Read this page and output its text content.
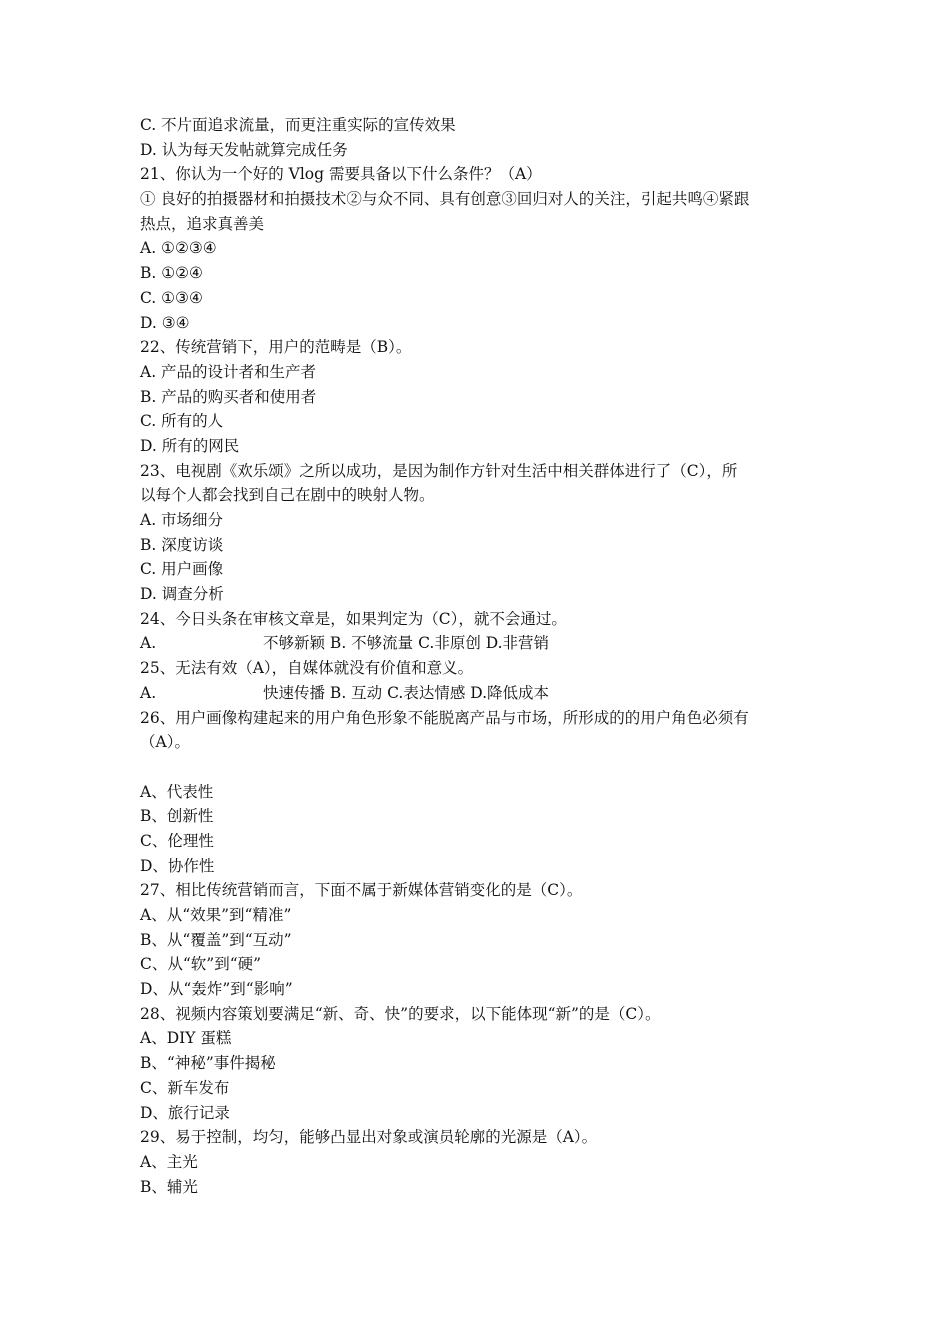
C. 不片面追求流量，而更注重实际的宣传效果
D. 认为每天发帖就算完成任务
21、你认为一个好的 Vlog 需要具备以下什么条件？（A）
① 良好的拍摄器材和拍摄技术②与众不同、具有创意③回归对人的关注，引起共鸣④紧跟
热点，追求真善美
A. ①②③④
B. ①②④
C. ①③④
D. ③④
22、传统营销下，用户的范畴是（B）。
A. 产品的设计者和生产者
B. 产品的购买者和使用者
C. 所有的人
D. 所有的网民
23、电视剧《欢乐颂》之所以成功，是因为制作方针对生活中相关群体进行了（C），所
以每个人都会找到自己在剧中的映射人物。
A. 市场细分
B. 深度访谈
C. 用户画像
D. 调查分析
24、今日头条在审核文章是，如果判定为（C），就不会通过。
A.	不够新颖 B. 不够流量 C.非原创 D.非营销
25、无法有效（A），自媒体就没有价值和意义。
A.	快速传播 B. 互动 C.表达情感 D.降低成本
26、用户画像构建起来的用户角色形象不能脱离产品与市场，所形成的的用户角色必须有
（A）。
A、代表性
B、创新性
C、伦理性
D、协作性
27、相比传统营销而言，下面不属于新媒体营销变化的是（C）。
A、从“效果”到“精准”
B、从“覆盖”到“互动”
C、从“软”到“硬”
D、从“轰炸”到“影响”
28、视频内容策划要满足“新、奇、快”的要求，以下能体现“新”的是（C）。
A、DIY 蛋糕
B、“神秘”事件揭秘
C、新车发布
D、旅行记录
29、易于控制，均匀，能够凸显出对象或演员轮廓的光源是（A）。
A、主光
B、辅光
